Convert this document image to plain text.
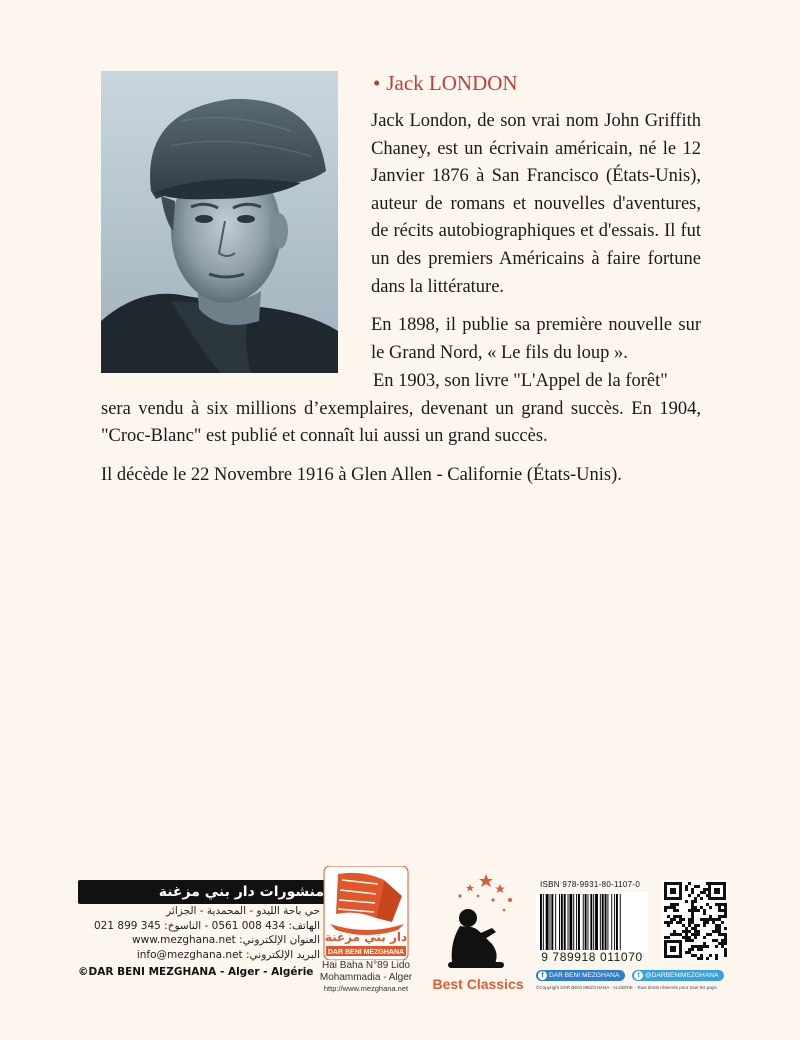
• Jack LONDON
Jack London, de son vrai nom John Griffith Chaney, est un écrivain américain, né le 12 Janvier 1876 à San Francisco (États-Unis), auteur de romans et nouvelles d'aventures, de récits autobiographiques et d'essais. Il fut un des premiers Américains à faire fortune dans la littérature.
En 1898, il publie sa première nouvelle sur le Grand Nord, « Le fils du loup ».
En 1903, son livre "L'Appel de la forêt"
sera vendu à six millions d’exemplaires, devenant un grand succès. En 1904, "Croc-Blanc" est publié et connaît lui aussi un grand succès.
Il décède le 22 Novembre 1916 à Glen Allen - Californie (États-Unis).
منشورات دار بني مزغنة
حي باحة الليدو - المحمدية - الجزائر
الهاتف: 434 008 0561 - الناسوخ: 345 899 021
العنوان الإلكتروني: www.mezghana.net
البريد الإلكتروني: info@mezghana.net
©DAR BENI MEZGHANA - Alger - Algérie
دار بني مزغنة
DAR BENI MEZGHANA
Hai Baha N°89 Lido
Mohammadia - Alger
http://www.mezghana.net	Best Classics
ISBN 978-9931-80-1107-0
9 789918 011070
f DAR BENI MEZGHANA	t @DARBENIMEZGHANA
©Copyright DAR BENI MEZGHANA - ALGERIE - Tous droits réservés pour tous les pays.
